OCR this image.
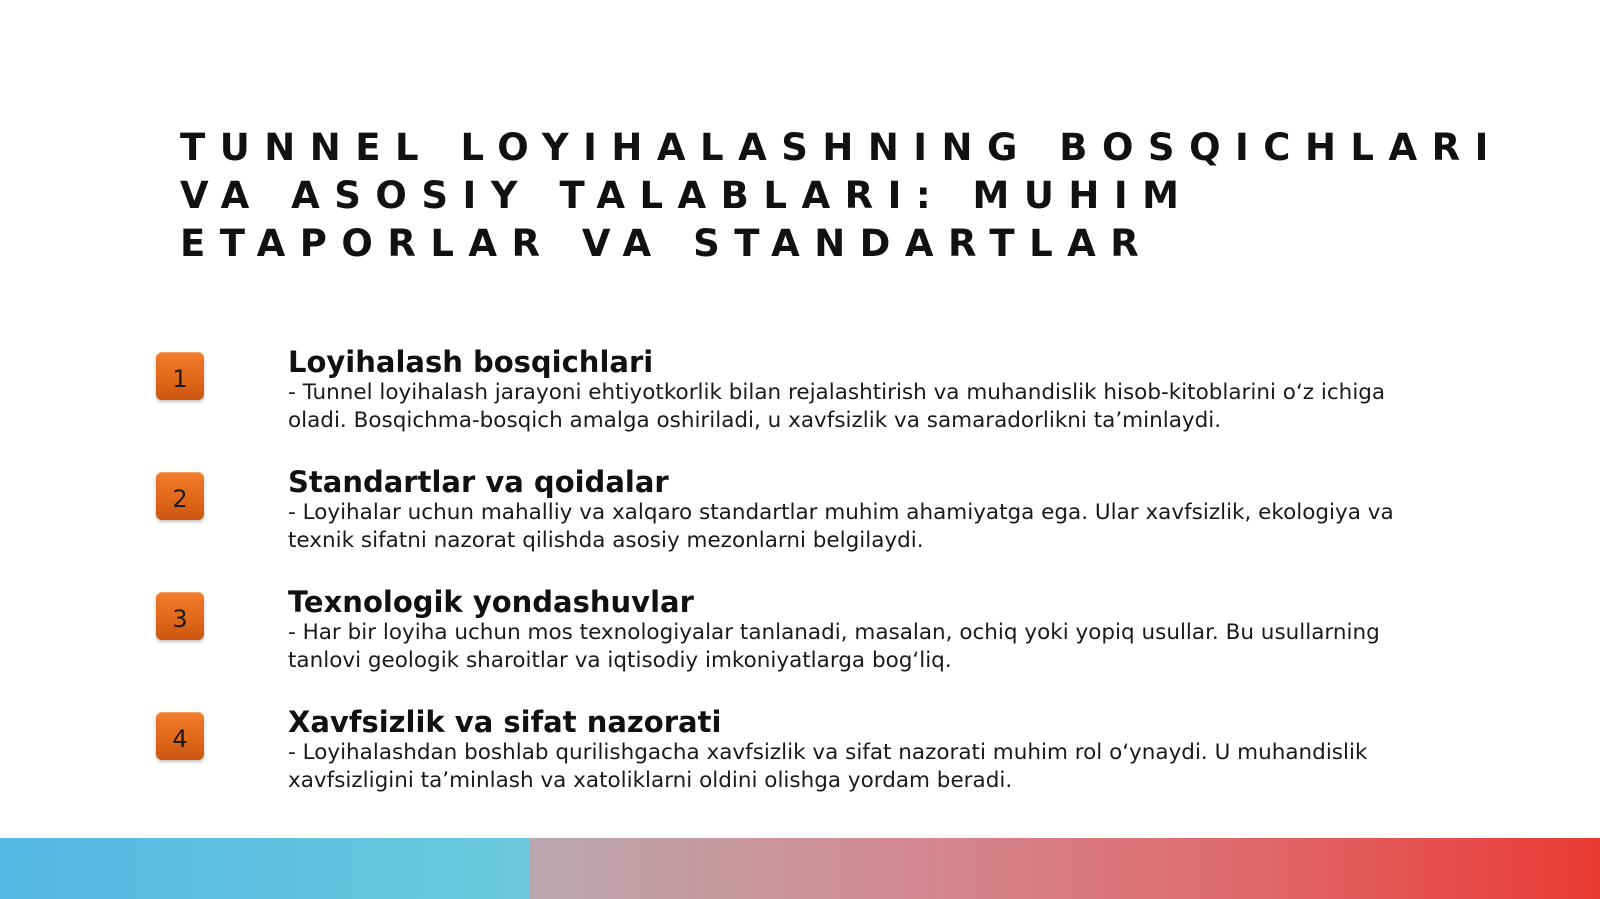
TUNNEL LOYIHALASHNING BOSQICHLARI VA ASOSIY TALABLARI: MUHIM ETAPORLAR VA STANDARTLAR
1	Loyihalash bosqichlari

- Tunnel loyihalash jarayoni ehtiyotkorlik bilan rejalashtirish va muhandislik hisob-kitoblarini o‘z ichiga oladi. Bosqichma-bosqich amalga oshiriladi, u xavfsizlik va samaradorlikni ta’minlaydi.

2	Standartlar va qoidalar

- Loyihalar uchun mahalliy va xalqaro standartlar muhim ahamiyatga ega. Ular xavfsizlik, ekologiya va texnik sifatni nazorat qilishda asosiy mezonlarni belgilaydi.

3	Texnologik yondashuvlar

- Har bir loyiha uchun mos texnologiyalar tanlanadi, masalan, ochiq yoki yopiq usullar. Bu usullarning tanlovi geologik sharoitlar va iqtisodiy imkoniyatlarga bog‘liq.

4	Xavfsizlik va sifat nazorati

- Loyihalashdan boshlab qurilishgacha xavfsizlik va sifat nazorati muhim rol o‘ynaydi. U muhandislik xavfsizligini ta’minlash va xatoliklarni oldini olishga yordam beradi.
